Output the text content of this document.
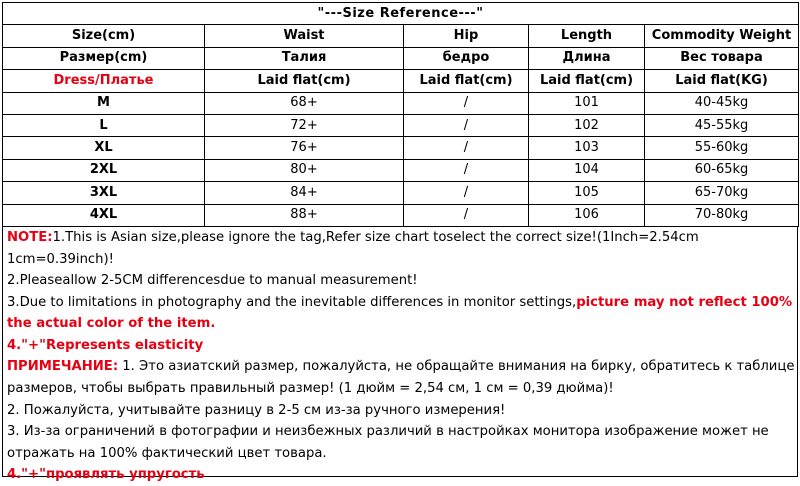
"---Size Reference---"				
Size(cm)	Waist	Hip	Length	Commodity Weight
Размер(cm)	Талия	бедро	Длина	Вес товара
Dress/Платье	Laid flat(cm)	Laid flat(cm)	Laid flat(cm)	Laid flat(KG)
M	68+	/	101	40-45kg
L	72+	/	102	45-55kg
XL	76+	/	103	55-60kg
2XL	80+	/	104	60-65kg
3XL	84+	/	105	65-70kg
4XL	88+	/	106	70-80kg

NOTE:1.This is Asian size,please ignore the tag,Refer size chart toselect the correct size!(1Inch=2.54cm 1cm=0.39inch)!

2.Pleaseallow 2-5CM differencesdue to manual measurement!

3.Due to limitations in photography and the inevitable differences in monitor settings,picture may not reflect 100% the actual color of the item.

4."+"Represents elasticity

ПРИМЕЧАНИЕ: 1. Это азиатский размер, пожалуйста, не обращайте внимания на бирку, обратитесь к таблице размеров, чтобы выбрать правильный размер! (1 дюйм = 2,54 см, 1 см = 0,39 дюйма)!

2. Пожалуйста, учитывайте разницу в 2-5 см из-за ручного измерения!

3. Из-за ограничений в фотографии и неизбежных различий в настройках монитора изображение может не отражать на 100% фактический цвет товара.

4."+"проявлять упругость
